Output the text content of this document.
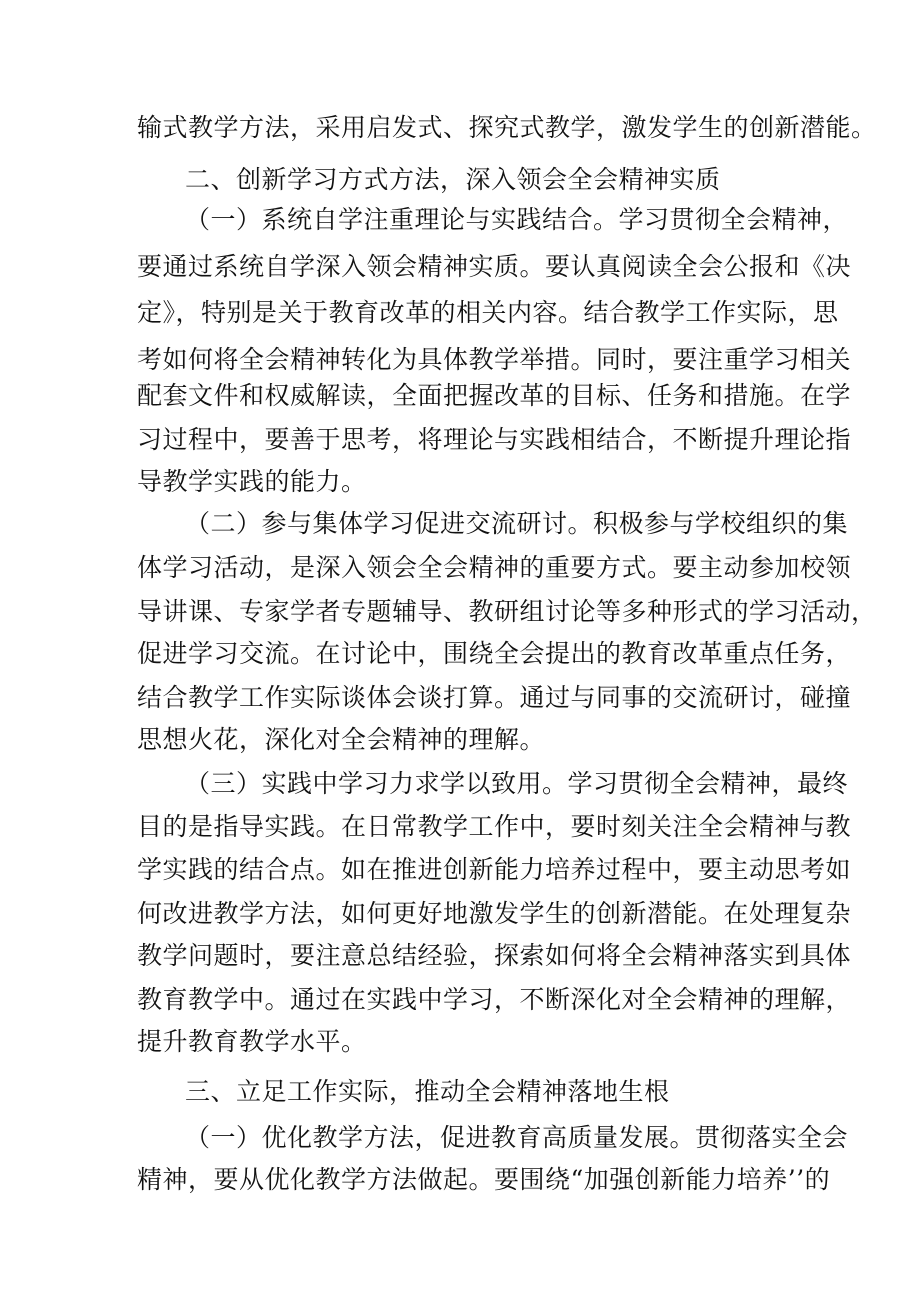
输式教学方法，采用启发式、探究式教学，激发学生的创新潜能。
二、创新学习方式方法，深入领会全会精神实质
（一）系统自学注重理论与实践结合。学习贯彻全会精神，
要通过系统自学深入领会精神实质。要认真阅读全会公报和《决
定》，特别是关于教育改革的相关内容。结合教学工作实际，思
考如何将全会精神转化为具体教学举措。同时，要注重学习相关
配套文件和权威解读，全面把握改革的目标、任务和措施。在学
习过程中，要善于思考，将理论与实践相结合，不断提升理论指
导教学实践的能力。
（二）参与集体学习促进交流研讨。积极参与学校组织的集
体学习活动，是深入领会全会精神的重要方式。要主动参加校领
导讲课、专家学者专题辅导、教研组讨论等多种形式的学习活动，
促进学习交流。在讨论中，围绕全会提出的教育改革重点任务，
结合教学工作实际谈体会谈打算。通过与同事的交流研讨，碰撞
思想火花，深化对全会精神的理解。
（三）实践中学习力求学以致用。学习贯彻全会精神，最终
目的是指导实践。在日常教学工作中，要时刻关注全会精神与教
学实践的结合点。如在推进创新能力培养过程中，要主动思考如
何改进教学方法，如何更好地激发学生的创新潜能。在处理复杂
教学问题时，要注意总结经验，探索如何将全会精神落实到具体
教育教学中。通过在实践中学习，不断深化对全会精神的理解，
提升教育教学水平。
三、立足工作实际，推动全会精神落地生根
（一）优化教学方法，促进教育高质量发展。贯彻落实全会
精神，要从优化教学方法做起。要围绕“加强创新能力培养’’的
